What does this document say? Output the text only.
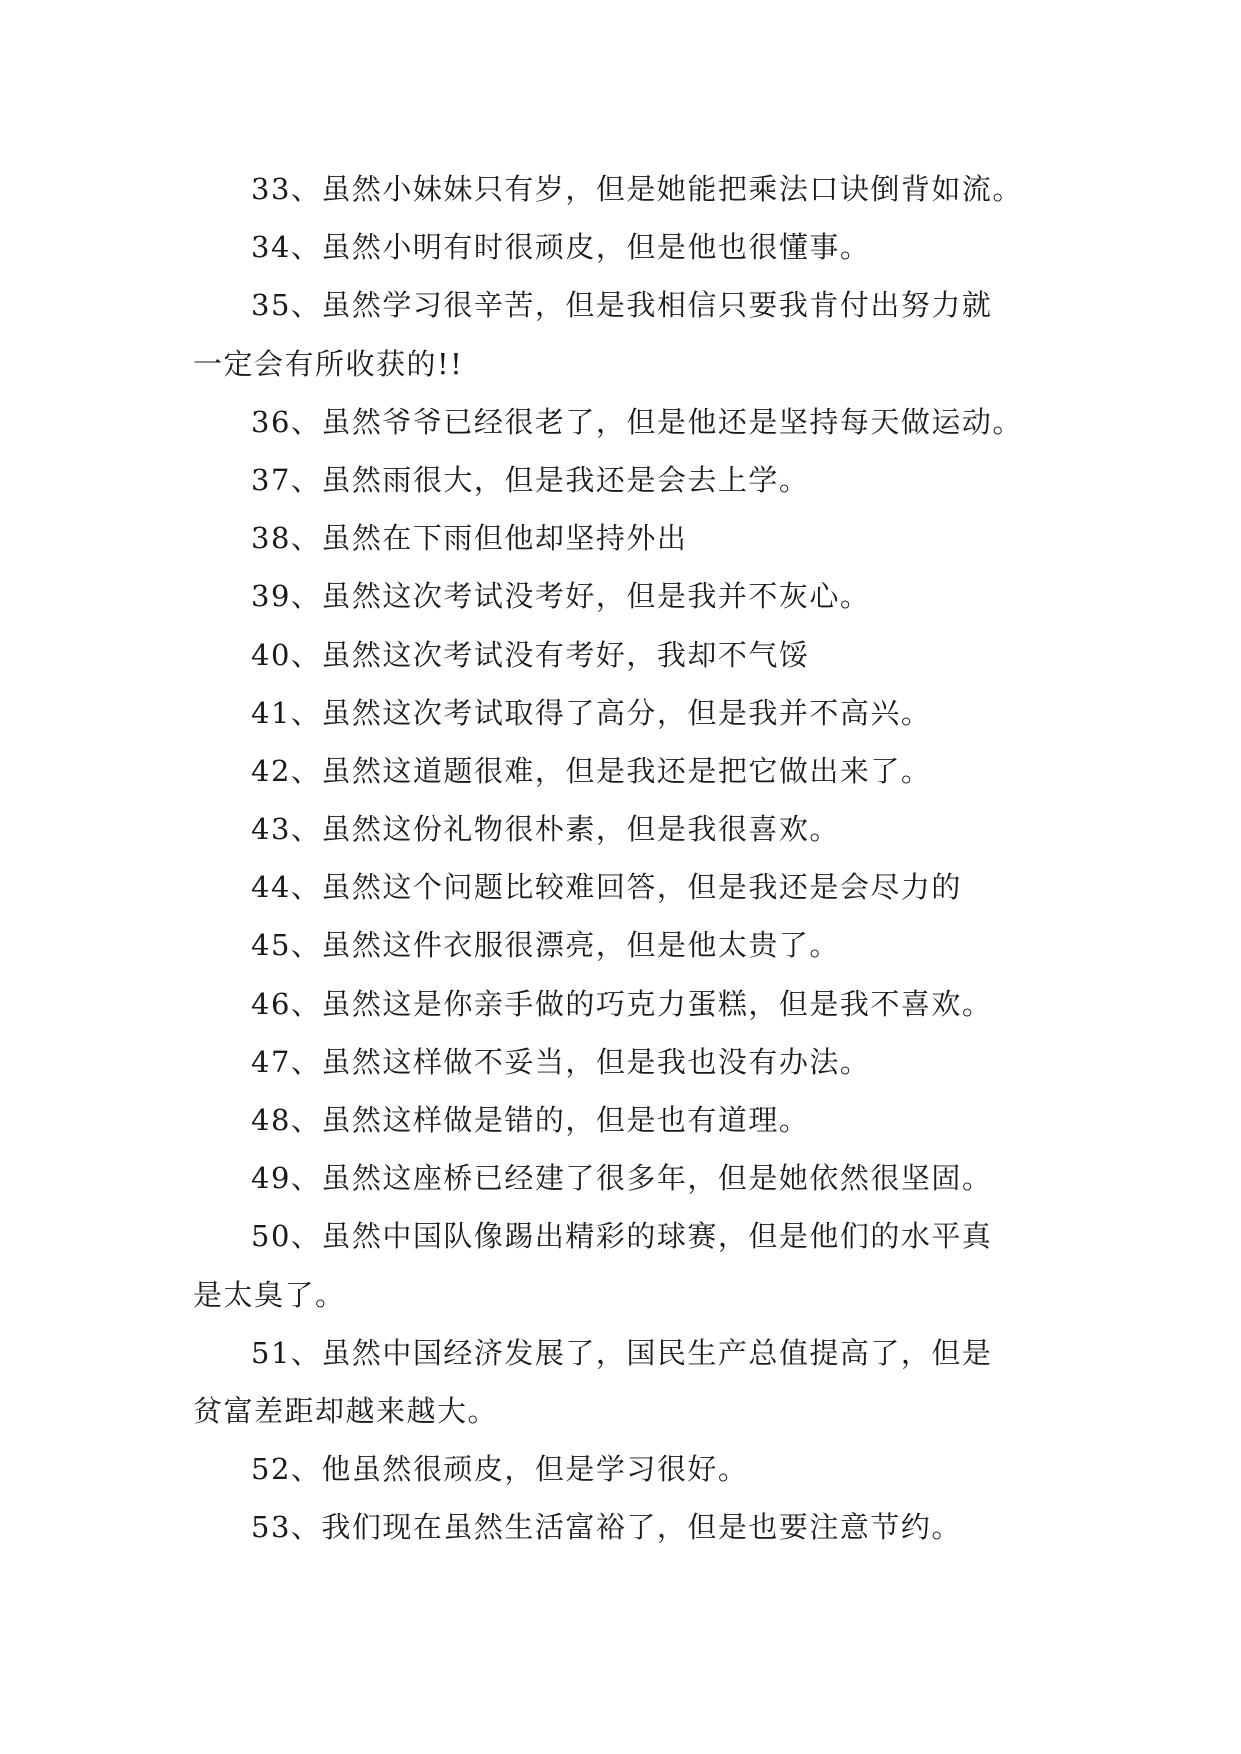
33、虽然小妹妹只有岁，但是她能把乘法口诀倒背如流。
34、虽然小明有时很顽皮，但是他也很懂事。
35、虽然学习很辛苦，但是我相信只要我肯付出努力就
一定会有所收获的!!
36、虽然爷爷已经很老了，但是他还是坚持每天做运动。
37、虽然雨很大，但是我还是会去上学。
38、虽然在下雨但他却坚持外出
39、虽然这次考试没考好，但是我并不灰心。
40、虽然这次考试没有考好，我却不气馁
41、虽然这次考试取得了高分，但是我并不高兴。
42、虽然这道题很难，但是我还是把它做出来了。
43、虽然这份礼物很朴素，但是我很喜欢。
44、虽然这个问题比较难回答，但是我还是会尽力的
45、虽然这件衣服很漂亮，但是他太贵了。
46、虽然这是你亲手做的巧克力蛋糕，但是我不喜欢。
47、虽然这样做不妥当，但是我也没有办法。
48、虽然这样做是错的，但是也有道理。
49、虽然这座桥已经建了很多年，但是她依然很坚固。
50、虽然中国队像踢出精彩的球赛，但是他们的水平真
是太臭了。
51、虽然中国经济发展了，国民生产总值提高了，但是
贫富差距却越来越大。
52、他虽然很顽皮，但是学习很好。
53、我们现在虽然生活富裕了，但是也要注意节约。
